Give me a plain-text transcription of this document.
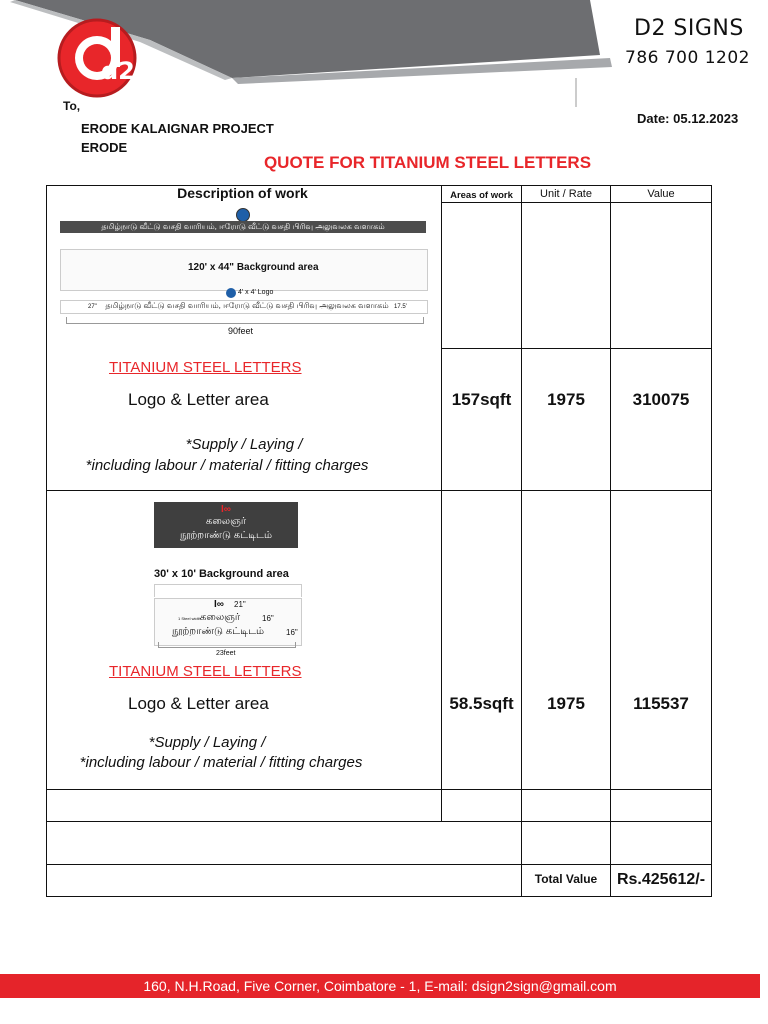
d2
D2 SIGNS
786 700 1202
To,
ERODE KALAIGNAR PROJECT
ERODE
Date: 05.12.2023
QUOTE FOR TITANIUM STEEL LETTERS
Description of work	Areas of work	Unit / Rate	Value
தமிழ்நாடு வீட்டு வசதி வாரியம், ஈரோடு வீட்டு வசதி பிரிவு அலுவலக வளாகம்
120' x 44" Background area
4' x 4' Logo
27"	தமிழ்நாடு வீட்டு வசதி வாரியம், ஈரோடு வீட்டு வசதி பிரிவு அலுவலக வளாகம் 17.5'
90feet
TITANIUM STEEL LETTERS
Logo & Letter area	157sqft	1975	310075
*Supply / Laying /
*including labour / material / fitting charges
I∞
கலைஞர்
நூற்றாண்டு கட்டிடம்
30' x 10' Background area
I∞ 21"
1 Steel width கலைஞர்	16"
நூற்றாண்டு கட்டிடம்	16"
23feet
TITANIUM STEEL LETTERS
Logo & Letter area	58.5sqft	1975	115537
*Supply / Laying /
*including labour / material / fitting charges
Total Value	Rs.425612/-
160, N.H.Road, Five Corner, Coimbatore - 1, E-mail: dsign2sign@gmail.com
